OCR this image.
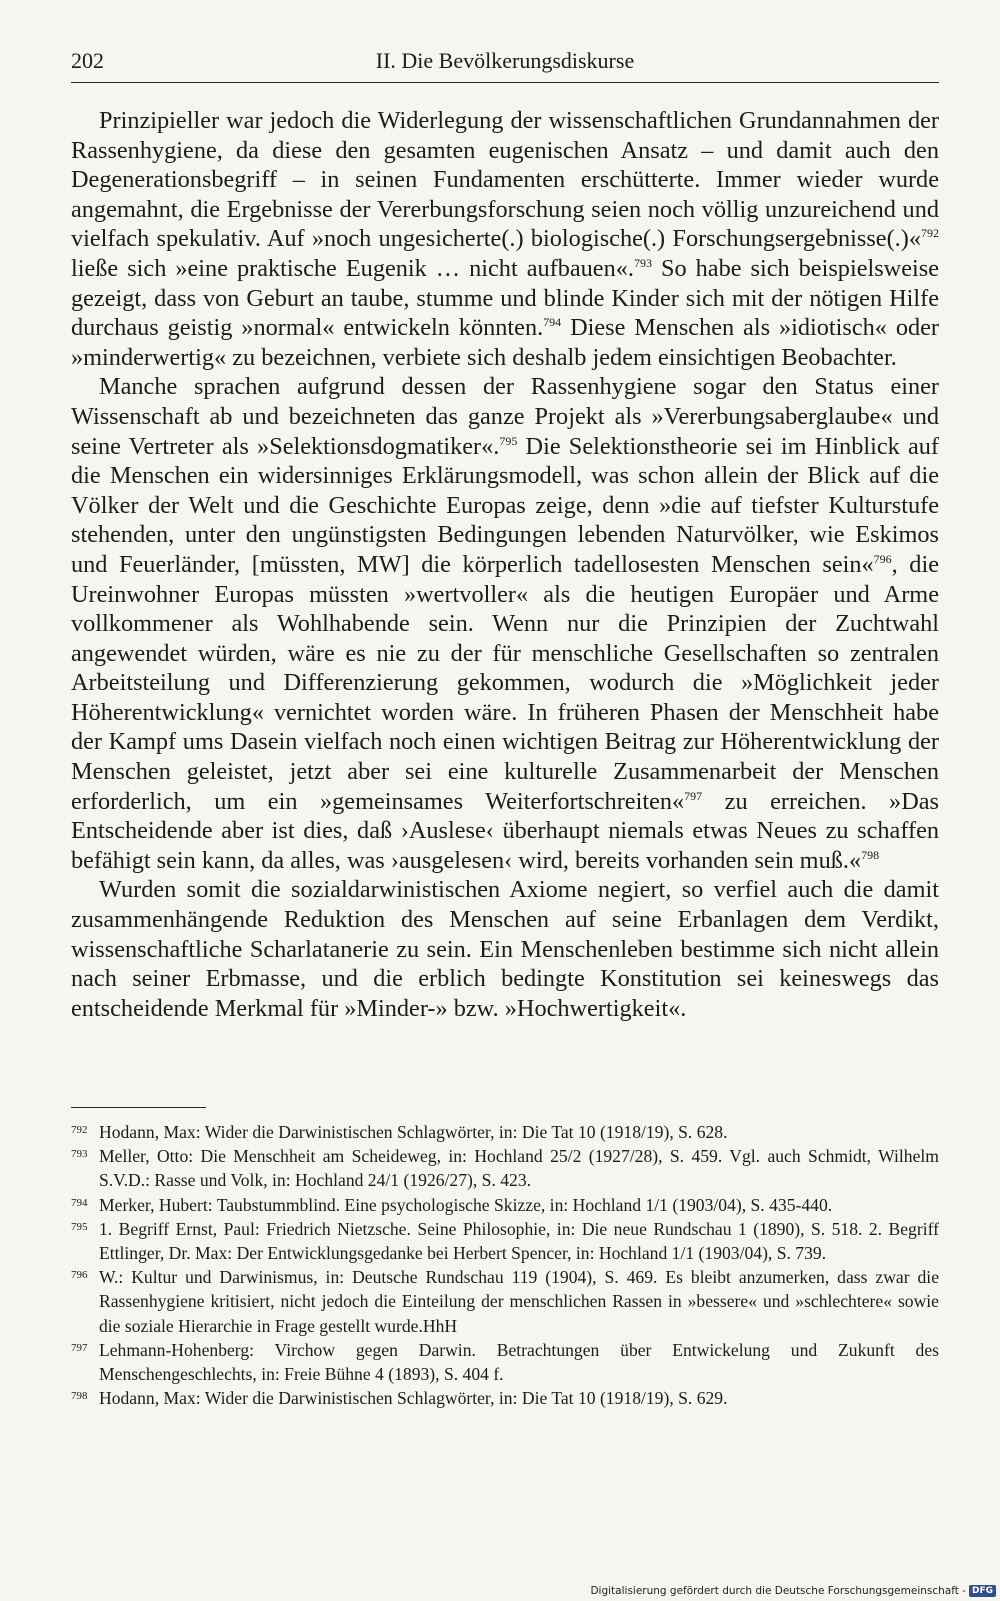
202	II. Die Bevölkerungsdiskurse

Prinzipieller war jedoch die Widerlegung der wissenschaftlichen Grundannahmen der Rassenhygiene, da diese den gesamten eugenischen Ansatz – und damit auch den Degenerationsbegriff – in seinen Fundamenten erschütterte. Immer wieder wurde angemahnt, die Ergebnisse der Vererbungsforschung seien noch völlig unzureichend und vielfach spekulativ. Auf »noch ungesicherte(.) biologische(.) Forschungsergebnisse(.)«$^{792}$ ließe sich »eine praktische Eugenik … nicht aufbauen«.$^{793}$ So habe sich beispielsweise gezeigt, dass von Geburt an taube, stumme und blinde Kinder sich mit der nötigen Hilfe durchaus geistig »normal« entwickeln könnten.$^{794}$ Diese Menschen als »idiotisch« oder »minderwertig« zu bezeichnen, verbiete sich deshalb jedem einsichtigen Beobachter.

Manche sprachen aufgrund dessen der Rassenhygiene sogar den Status einer Wissenschaft ab und bezeichneten das ganze Projekt als »Vererbungsaberglaube« und seine Vertreter als »Selektionsdogmatiker«.$^{795}$ Die Selektionstheorie sei im Hinblick auf die Menschen ein widersinniges Erklärungsmodell, was schon allein der Blick auf die Völker der Welt und die Geschichte Europas zeige, denn »die auf tiefster Kulturstufe stehenden, unter den ungünstigsten Bedingungen lebenden Naturvölker, wie Eskimos und Feuerländer, [müssten, MW] die körperlich tadellosesten Menschen sein«$^{796}$, die Ureinwohner Europas müssten »wertvoller« als die heutigen Europäer und Arme vollkommener als Wohlhabende sein. Wenn nur die Prinzipien der Zuchtwahl angewendet würden, wäre es nie zu der für menschliche Gesellschaften so zentralen Arbeitsteilung und Differenzierung gekommen, wodurch die »Möglichkeit jeder Höherentwicklung« vernichtet worden wäre. In früheren Phasen der Menschheit habe der Kampf ums Dasein vielfach noch einen wichtigen Beitrag zur Höherentwicklung der Menschen geleistet, jetzt aber sei eine kulturelle Zusammenarbeit der Menschen erforderlich, um ein »gemeinsames Weiterfortschreiten«$^{797}$ zu erreichen. »Das Entscheidende aber ist dies, daß ›Auslese‹ überhaupt niemals etwas Neues zu schaffen befähigt sein kann, da alles, was ›ausgelesen‹ wird, bereits vorhanden sein muß.«$^{798}$

Wurden somit die sozialdarwinistischen Axiome negiert, so verfiel auch die damit zusammenhängende Reduktion des Menschen auf seine Erbanlagen dem Verdikt, wissenschaftliche Scharlatanerie zu sein. Ein Menschenleben bestimme sich nicht allein nach seiner Erbmasse, und die erblich bedingte Konstitution sei keineswegs das entscheidende Merkmal für »Minder-» bzw. »Hochwertigkeit«.

792 Hodann, Max: Wider die Darwinistischen Schlagwörter, in: Die Tat 10 (1918/19), S. 628.
793 Meller, Otto: Die Menschheit am Scheideweg, in: Hochland 25/2 (1927/28), S. 459. Vgl. auch Schmidt, Wilhelm S.V.D.: Rasse und Volk, in: Hochland 24/1 (1926/27), S. 423.
794 Merker, Hubert: Taubstummblind. Eine psychologische Skizze, in: Hochland 1/1 (1903/04), S. 435-440.
795 1. Begriff Ernst, Paul: Friedrich Nietzsche. Seine Philosophie, in: Die neue Rundschau 1 (1890), S. 518. 2. Begriff Ettlinger, Dr. Max: Der Entwicklungsgedanke bei Herbert Spencer, in: Hochland 1/1 (1903/04), S. 739.
796 W.: Kultur und Darwinismus, in: Deutsche Rundschau 119 (1904), S. 469. Es bleibt anzumerken, dass zwar die Rassenhygiene kritisiert, nicht jedoch die Einteilung der menschlichen Rassen in »bessere« und »schlechtere« sowie die soziale Hierarchie in Frage gestellt wurde.HhH
797 Lehmann-Hohenberg: Virchow gegen Darwin. Betrachtungen über Entwickelung und Zukunft des Menschengeschlechts, in: Freie Bühne 4 (1893), S. 404 f.
798 Hodann, Max: Wider die Darwinistischen Schlagwörter, in: Die Tat 10 (1918/19), S. 629.
Digitalisierung gefördert durch die Deutsche Forschungsgemeinschaft - DFG
